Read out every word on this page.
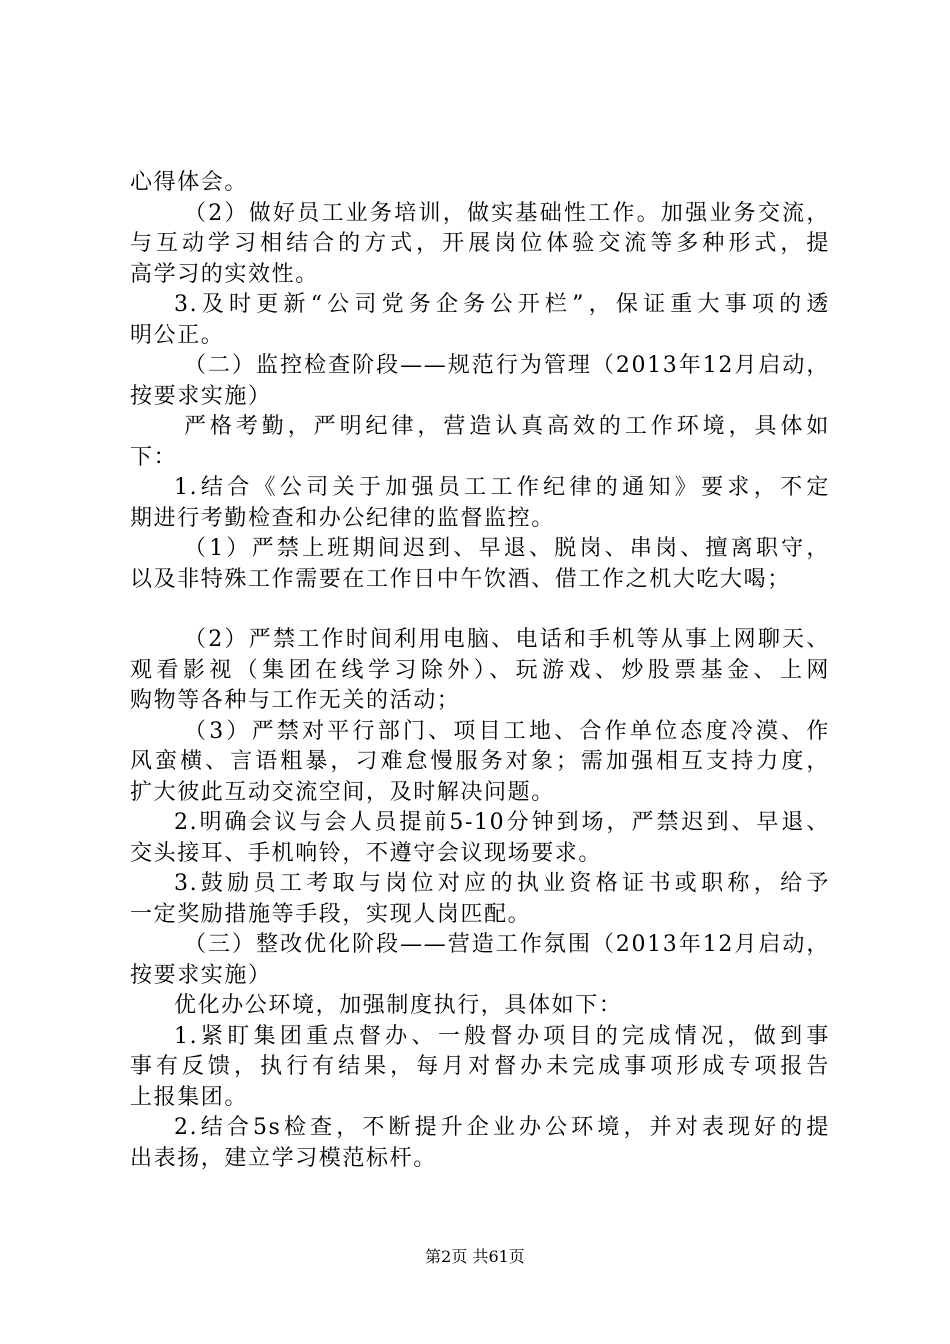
心得体会。
（2）做好员工业务培训，做实基础性工作。加强业务交流，
与互动学习相结合的方式，开展岗位体验交流等多种形式，提
高学习的实效性。
3.及时更新“公司党务企务公开栏”，保证重大事项的透
明公正。
（二）监控检查阶段——规范行为管理（2013年12月启动，
按要求实施）
严格考勤，严明纪律，营造认真高效的工作环境，具体如
下：
1.结合《公司关于加强员工工作纪律的通知》要求，不定
期进行考勤检查和办公纪律的监督监控。
（1）严禁上班期间迟到、早退、脱岗、串岗、擅离职守，
以及非特殊工作需要在工作日中午饮酒、借工作之机大吃大喝；
（2）严禁工作时间利用电脑、电话和手机等从事上网聊天、
观看影视（集团在线学习除外）、玩游戏、炒股票基金、上网
购物等各种与工作无关的活动；
（3）严禁对平行部门、项目工地、合作单位态度冷漠、作
风蛮横、言语粗暴，刁难怠慢服务对象；需加强相互支持力度，
扩大彼此互动交流空间，及时解决问题。
2.明确会议与会人员提前5-10分钟到场，严禁迟到、早退、
交头接耳、手机响铃，不遵守会议现场要求。
3.鼓励员工考取与岗位对应的执业资格证书或职称，给予
一定奖励措施等手段，实现人岗匹配。
（三）整改优化阶段——营造工作氛围（2013年12月启动，
按要求实施）
优化办公环境，加强制度执行，具体如下：
1.紧盯集团重点督办、一般督办项目的完成情况，做到事
事有反馈，执行有结果，每月对督办未完成事项形成专项报告
上报集团。
2.结合5s检查，不断提升企业办公环境，并对表现好的提
出表扬，建立学习模范标杆。
第2页 共61页
